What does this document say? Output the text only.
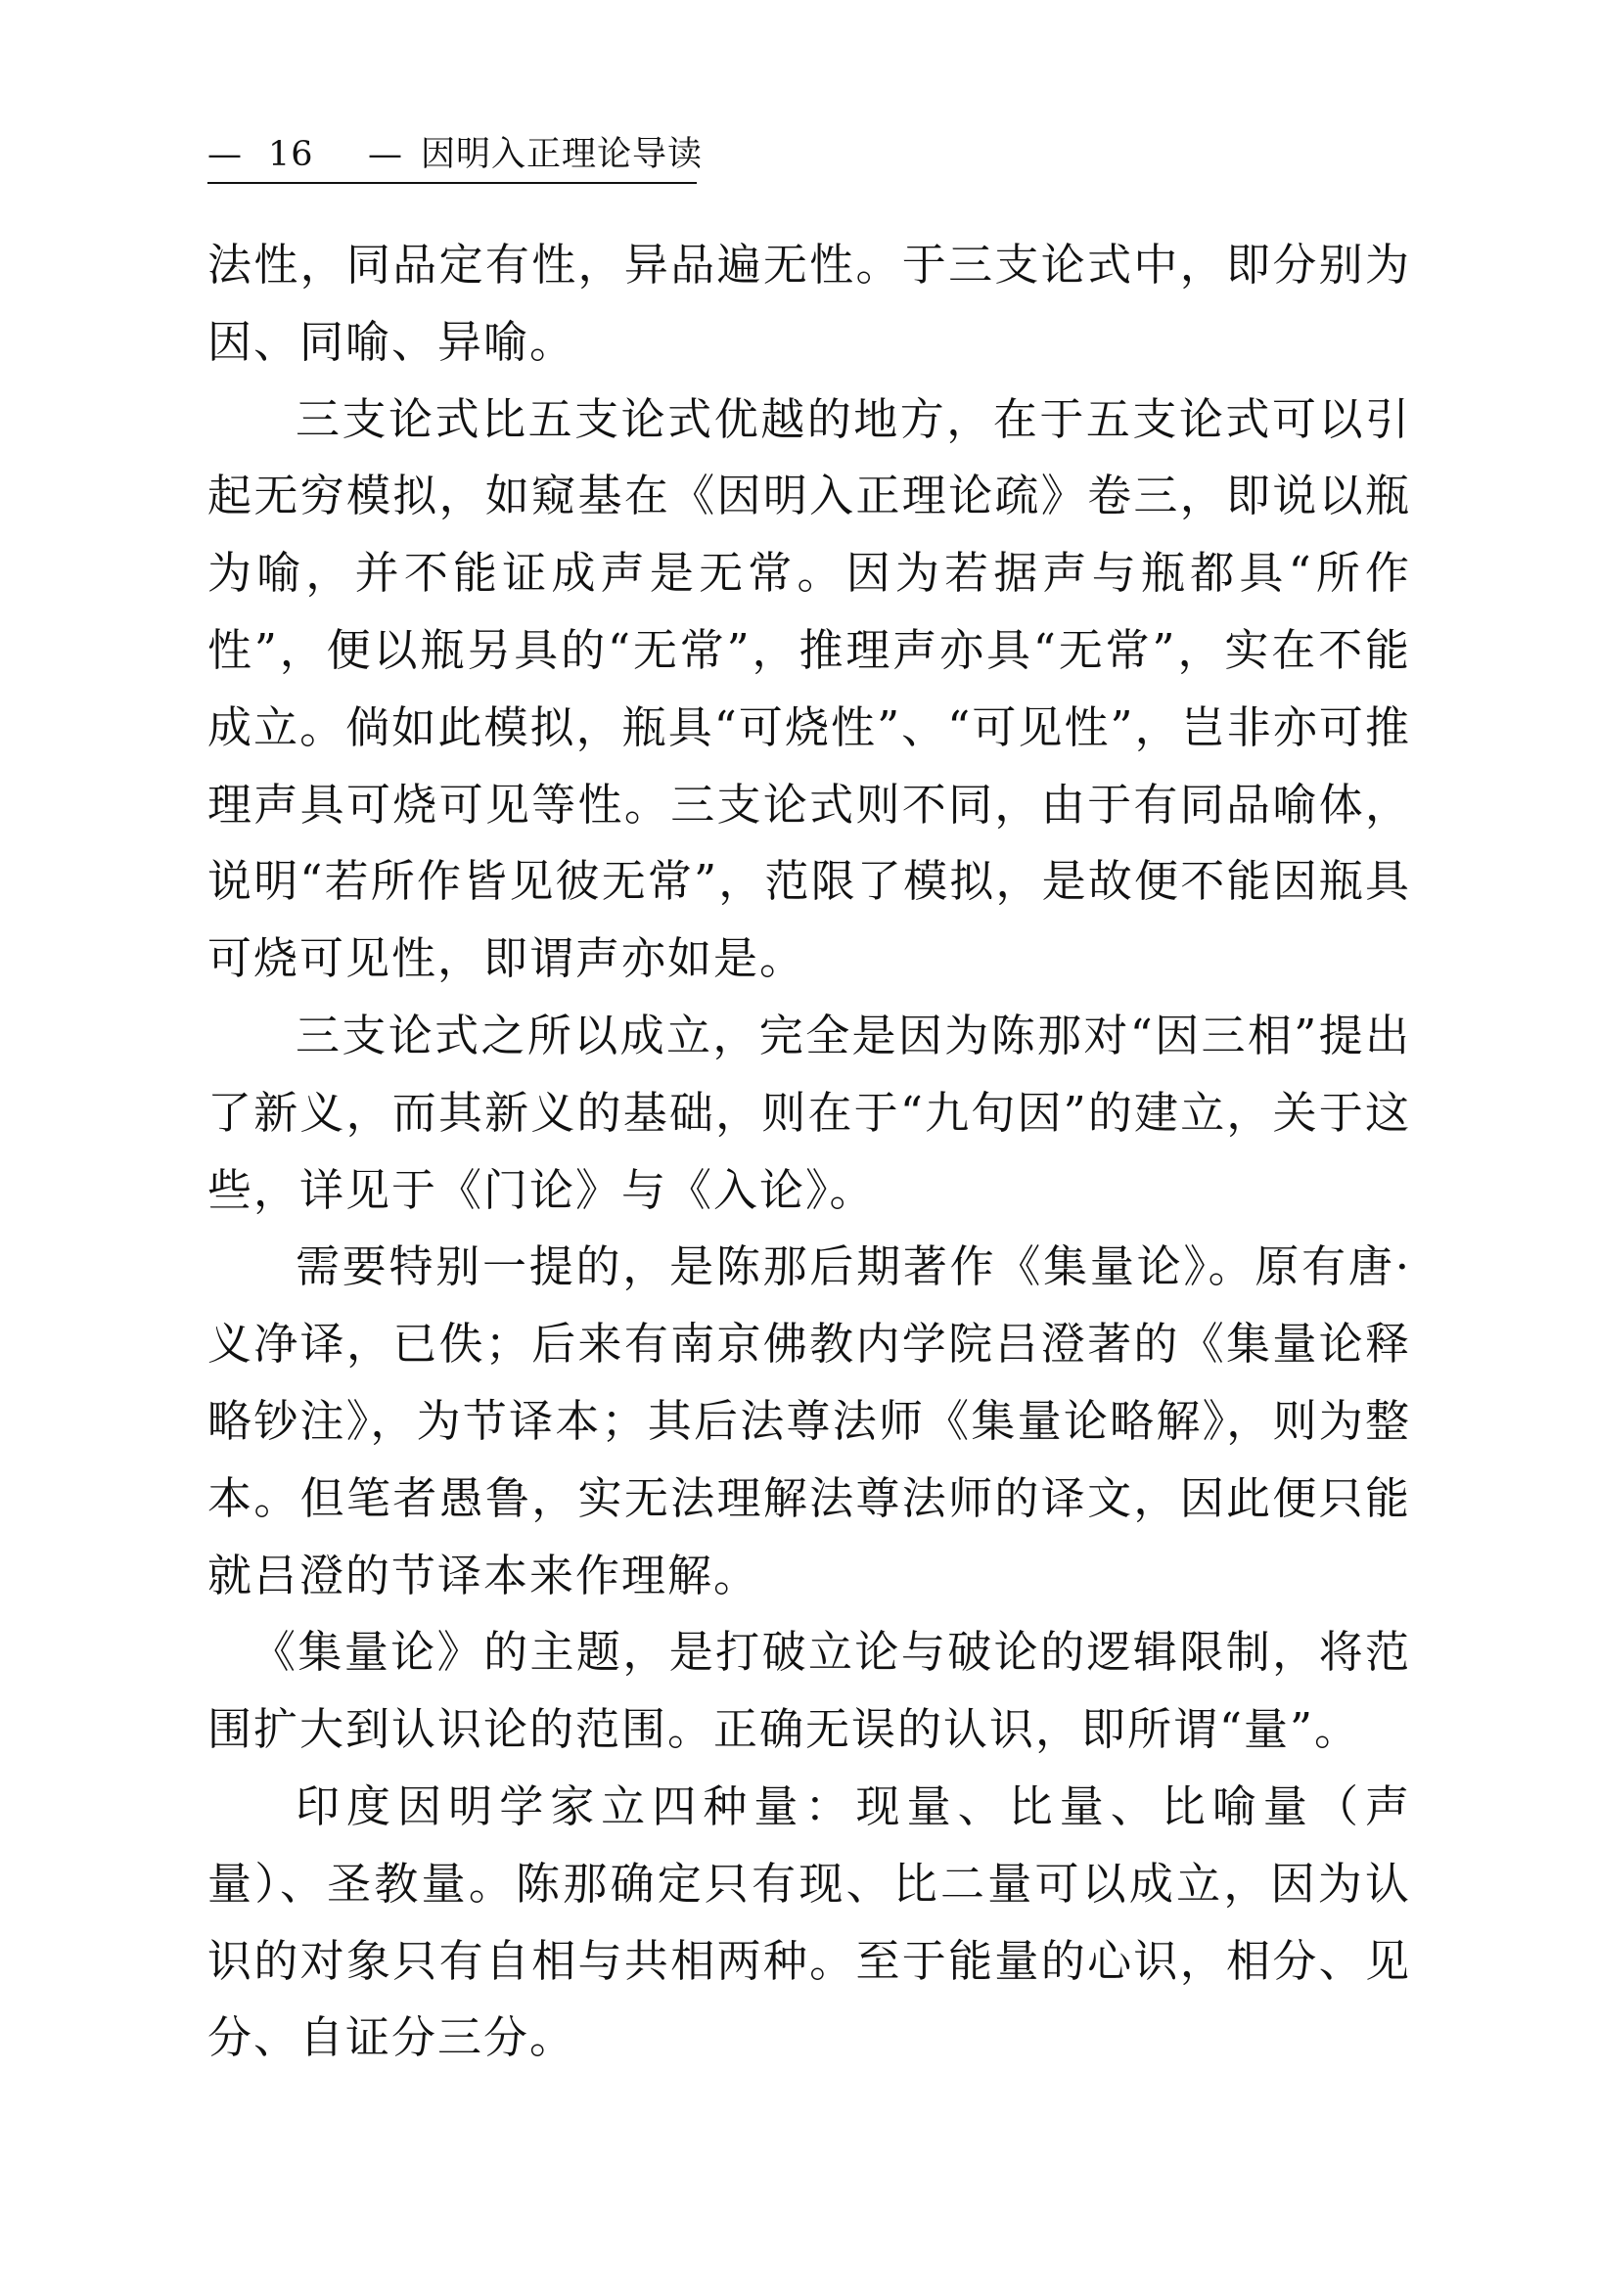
— 16 — 因明入正理论导读

法性，同品定有性，异品遍无性。于三支论式中，即分别为因、同喻、异喻。

三支论式比五支论式优越的地方，在于五支论式可以引起无穷模拟，如窥基在《因明入正理论疏》卷三，即说以瓶为喻，并不能证成声是无常。因为若据声与瓶都具“所作性”，便以瓶另具的“无常”，推理声亦具“无常”，实在不能成立。倘如此模拟，瓶具“可烧性”、“可见性”，岂非亦可推理声具可烧可见等性。三支论式则不同，由于有同品喻体，说明“若所作皆见彼无常”，范限了模拟，是故便不能因瓶具可烧可见性，即谓声亦如是。

三支论式之所以成立，完全是因为陈那对“因三相”提出了新义，而其新义的基础，则在于“九句因”的建立，关于这些，详见于《门论》与《入论》。

需要特别一提的，是陈那后期著作《集量论》。原有唐·义净译，已佚；后来有南京佛教内学院吕澄著的《集量论释略钞注》，为节译本；其后法尊法师《集量论略解》，则为整本。但笔者愚鲁，实无法理解法尊法师的译文，因此便只能就吕澄的节译本来作理解。

《集量论》的主题，是打破立论与破论的逻辑限制，将范围扩大到认识论的范围。正确无误的认识，即所谓“量”。

印度因明学家立四种量：现量、比量、比喻量（声量）、圣教量。陈那确定只有现、比二量可以成立，因为认识的对象只有自相与共相两种。至于能量的心识，相分、见分、自证分三分。
